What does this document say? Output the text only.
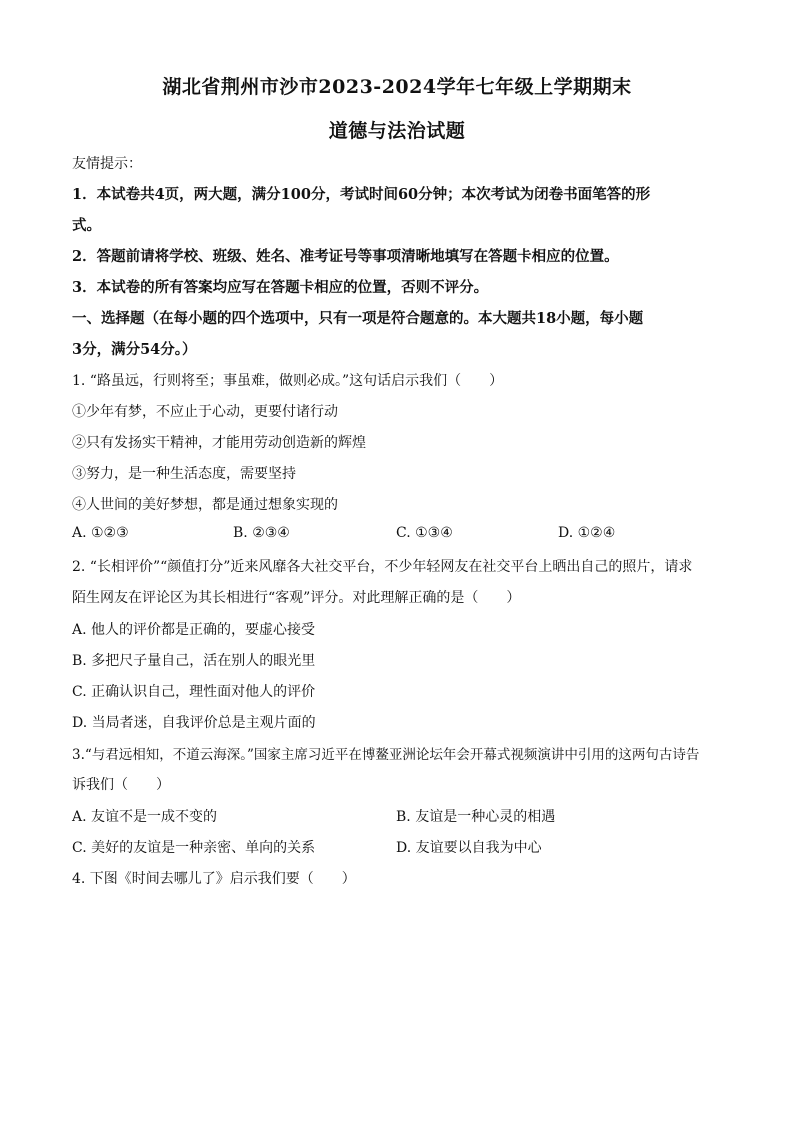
湖北省荆州市沙市2023-2024学年七年级上学期期末
道德与法治试题
友情提示：
1．本试卷共4页，两大题，满分100分，考试时间60分钟；本次考试为闭卷书面笔答的形
式。
2．答题前请将学校、班级、姓名、准考证号等事项清晰地填写在答题卡相应的位置。
3．本试卷的所有答案均应写在答题卡相应的位置，否则不评分。
一、选择题（在每小题的四个选项中，只有一项是符合题意的。本大题共18小题，每小题
3分，满分54分。）
1. “路虽远，行则将至；事虽难，做则必成。”这句话启示我们（　　）
①少年有梦，不应止于心动，更要付诸行动
②只有发扬实干精神，才能用劳动创造新的辉煌
③努力，是一种生活态度，需要坚持
④人世间的美好梦想，都是通过想象实现的
A. ①②③	B. ②③④	C. ①③④	D. ①②④
2. “长相评价”“颜值打分”近来风靡各大社交平台，不少年轻网友在社交平台上晒出自己的照片，请求
陌生网友在评论区为其长相进行“客观”评分。对此理解正确的是（　　）
A. 他人的评价都是正确的，要虚心接受
B. 多把尺子量自己，活在别人的眼光里
C. 正确认识自己，理性面对他人的评价
D. 当局者迷，自我评价总是主观片面的
3.“与君远相知，不道云海深。”国家主席习近平在博鳌亚洲论坛年会开幕式视频演讲中引用的这两句古诗告
诉我们（　　）
A. 友谊不是一成不变的	B. 友谊是一种心灵的相遇
C. 美好的友谊是一种亲密、单向的关系	D. 友谊要以自我为中心
4. 下图《时间去哪儿了》启示我们要（　　）
